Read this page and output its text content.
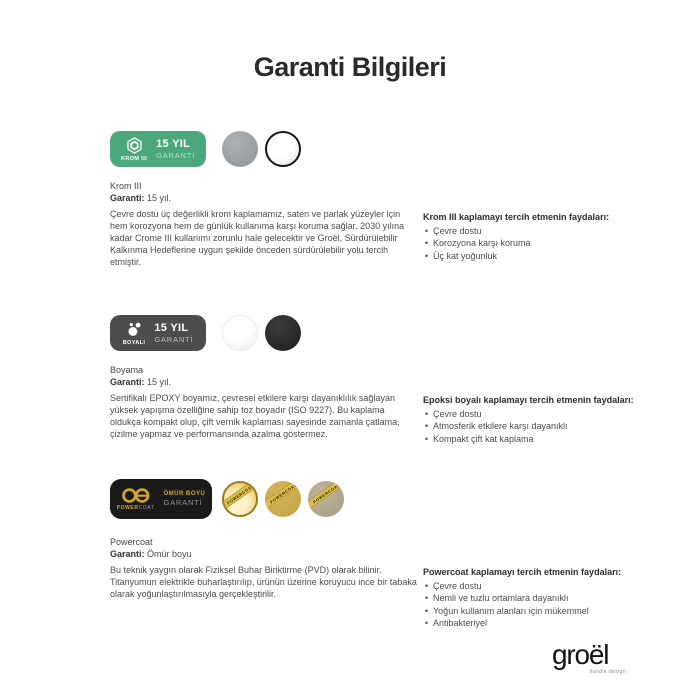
Garanti Bilgileri
KROM III
15 YIL
GARANTİ
Krom III
Garanti: 15 yıl.

Çevre dostu üç değerlikli krom kaplamamız, saten ve parlak yüzeyler için hem korozyona hem de günlük kullanıma karşı koruma sağlar. 2030 yılına kadar Crome III kullanımı zorunlu hale gelecektir ve Groël, Sürdürülebilir Kalkınma Hedeflerine uygun şekilde önceden sürdürülebilir yolu tercih etmiştir.

Krom III kaplamayı tercih etmenin faydaları:
• Çevre dostu
• Korozyona karşı koruma
• Üç kat yoğunluk
BOYALI
15 YIL
GARANTİ
Boyama
Garanti: 15 yıl.

Sertifikalı EPOXY boyamız, çevresel etkilere karşı dayanıklılık sağlayan yüksek yapışma özelliğine sahip toz boyadır (ISO 9227). Bu kaplama oldukça kompakt olup, çift vernik kaplaması sayesinde zamanla çatlama, çizilme yapmaz ve performansında azalma göstermez.

Epoksi boyalı kaplamayı tercih etmenin faydaları:
• Çevre dostu
• Atmosferik etkilere karşı dayanıklı
• Kompakt çift kat kaplama
POWERCOAT
ÖMÜR BOYU
GARANTİ	POWERCOAT	POWERCOAT	POWERCOAT
Powercoat
Garanti: Ömür boyu

Bu teknik yaygın olarak Fiziksel Buhar Biriktirme (PVD) olarak bilinir. Titanyumun elektrikle buharlaştırılıp, ürünün üzerine koruyucu ince bir tabaka olarak yoğunlaştırılmasıyla gerçekleştirilir.

Powercoat kaplamayı tercih etmenin faydaları:
• Çevre dostu
• Nemli ve tuzlu ortamlara dayanıklı
• Yoğun kullanım alanları için mükemmel
• Antibakteriyel
groël
handle design
